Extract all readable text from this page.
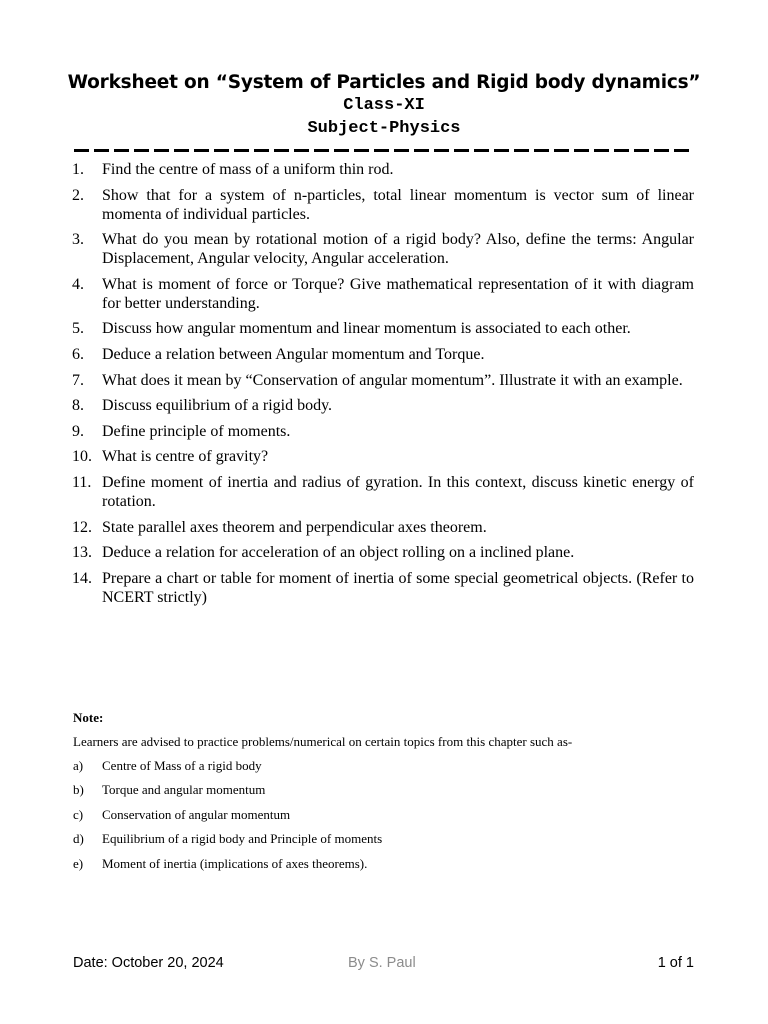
Worksheet on “System of Particles and Rigid body dynamics”
Class-XI
Subject-Physics
1. Find the centre of mass of a uniform thin rod.
2. Show that for a system of n-particles, total linear momentum is vector sum of linear momenta of individual particles.
3. What do you mean by rotational motion of a rigid body? Also, define the terms: Angular Displacement, Angular velocity, Angular acceleration.
4. What is moment of force or Torque? Give mathematical representation of it with diagram for better understanding.
5. Discuss how angular momentum and linear momentum is associated to each other.
6. Deduce a relation between Angular momentum and Torque.
7. What does it mean by “Conservation of angular momentum”. Illustrate it with an example.
8. Discuss equilibrium of a rigid body.
9. Define principle of moments.
10. What is centre of gravity?
11. Define moment of inertia and radius of gyration. In this context, discuss kinetic energy of rotation.
12. State parallel axes theorem and perpendicular axes theorem.
13. Deduce a relation for acceleration of an object rolling on a inclined plane.
14. Prepare a chart or table for moment of inertia of some special geometrical objects. (Refer to NCERT strictly)
Note:
Learners are advised to practice problems/numerical on certain topics from this chapter such as-
a) Centre of Mass of a rigid body
b) Torque and angular momentum
c) Conservation of angular momentum
d) Equilibrium of a rigid body and Principle of moments
e) Moment of inertia (implications of axes theorems).
Date: October 20, 2024	By S. Paul	1 of 1
